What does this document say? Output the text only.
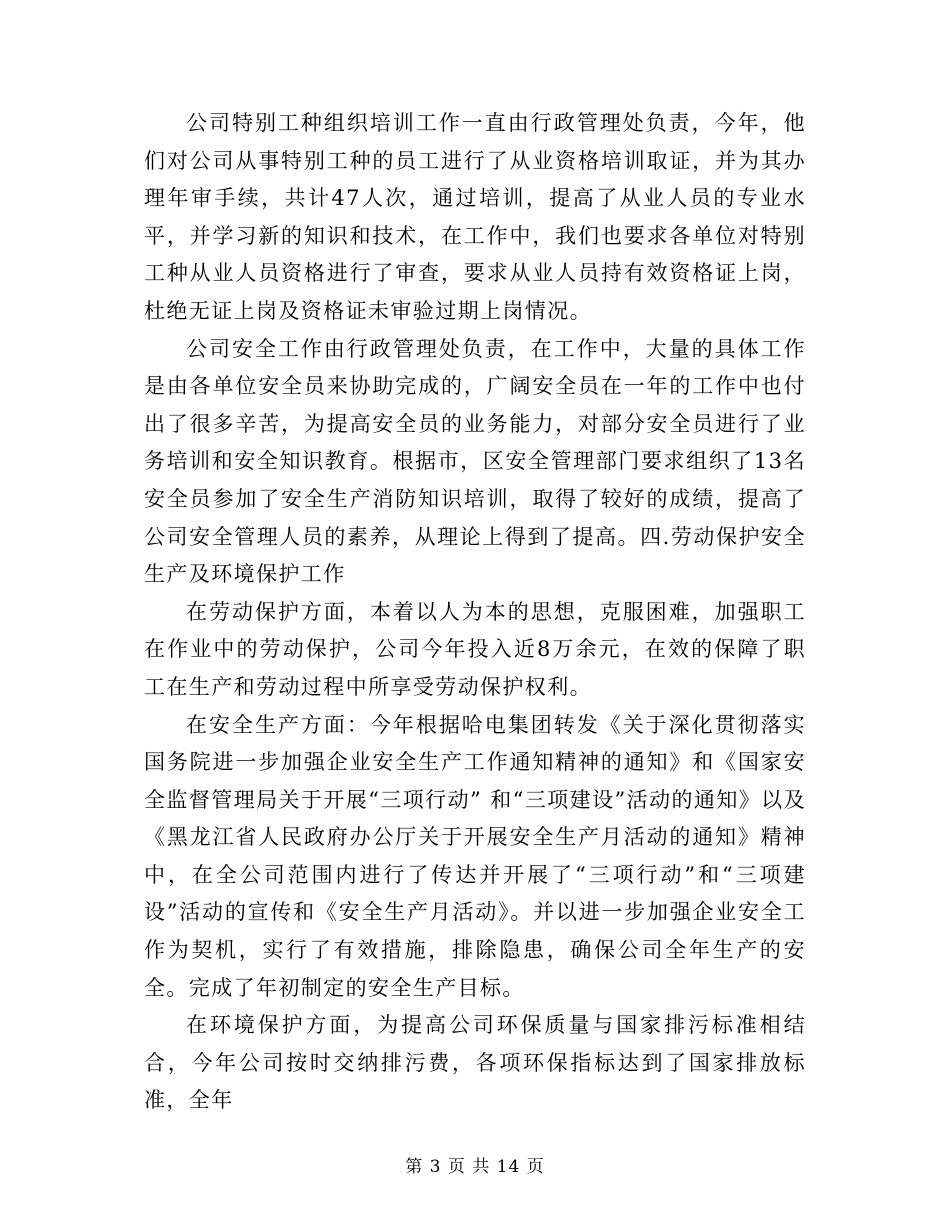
公司特别工种组织培训工作一直由行政管理处负责，今年，他们对公司从事特别工种的员工进行了从业资格培训取证，并为其办理年审手续，共计47人次，通过培训，提高了从业人员的专业水平，并学习新的知识和技术，在工作中，我们也要求各单位对特别工种从业人员资格进行了审查，要求从业人员持有效资格证上岗，杜绝无证上岗及资格证未审验过期上岗情况。

公司安全工作由行政管理处负责，在工作中，大量的具体工作是由各单位安全员来协助完成的，广阔安全员在一年的工作中也付出了很多辛苦，为提高安全员的业务能力，对部分安全员进行了业务培训和安全知识教育。根据市，区安全管理部门要求组织了13名安全员参加了安全生产消防知识培训，取得了较好的成绩，提高了公司安全管理人员的素养，从理论上得到了提高。四.劳动保护安全生产及环境保护工作

在劳动保护方面，本着以人为本的思想，克服困难，加强职工在作业中的劳动保护，公司今年投入近8万余元，在效的保障了职工在生产和劳动过程中所享受劳动保护权利。

在安全生产方面：今年根据哈电集团转发《关于深化贯彻落实国务院进一步加强企业安全生产工作通知精神的通知》和《国家安全监督管理局关于开展“三项行动” 和“三项建设”活动的通知》以及《黑龙江省人民政府办公厅关于开展安全生产月活动的通知》精神中，在全公司范围内进行了传达并开展了“三项行动”和“三项建设”活动的宣传和《安全生产月活动》。并以进一步加强企业安全工作为契机，实行了有效措施，排除隐患，确保公司全年生产的安全。完成了年初制定的安全生产目标。

在环境保护方面，为提高公司环保质量与国家排污标准相结合，今年公司按时交纳排污费，各项环保指标达到了国家排放标准，全年

第 3 页 共 14 页
